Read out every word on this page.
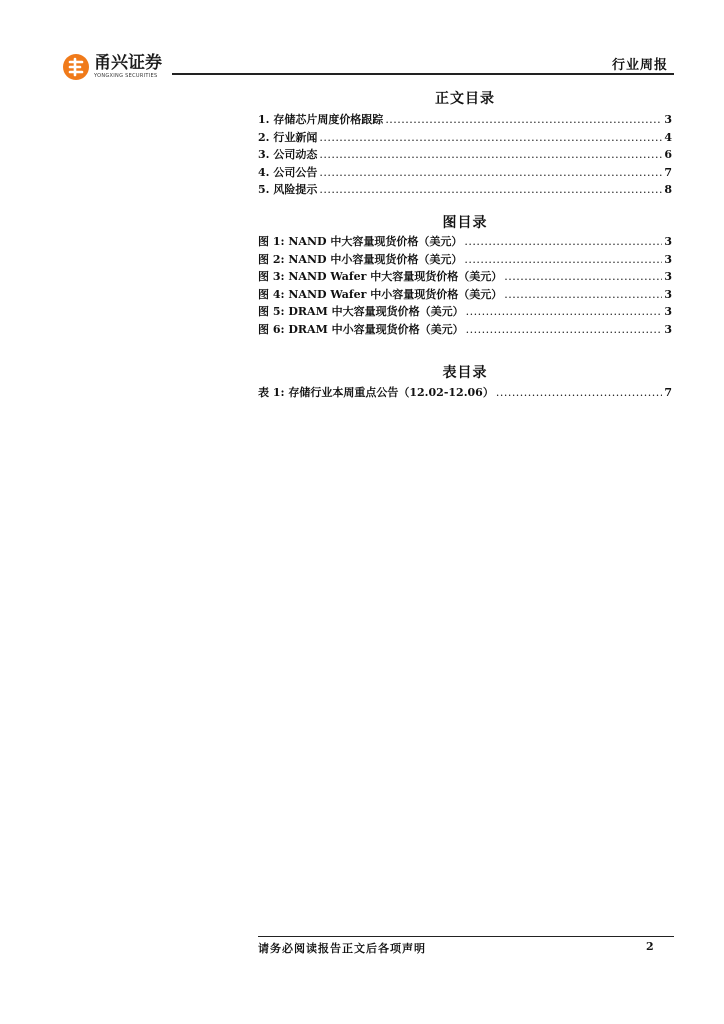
甬兴证券
YONGXING SECURITIES
行业周报
正文目录
1. 存储芯片周度价格跟踪 .....	3
2. 行业新闻 .....	4
3. 公司动态 .....	6
4. 公司公告 .....	7
5. 风险提示 .....	8
图目录
图 1: NAND 中大容量现货价格（美元） .....	3
图 2: NAND 中小容量现货价格（美元） .....	3
图 3: NAND Wafer 中大容量现货价格（美元） .....	3
图 4: NAND Wafer 中小容量现货价格（美元） .....	3
图 5: DRAM 中大容量现货价格（美元） .....	3
图 6: DRAM 中小容量现货价格（美元） .....	3
表目录
表 1: 存储行业本周重点公告（12.02-12.06） .....	7
请务必阅读报告正文后各项声明	2
